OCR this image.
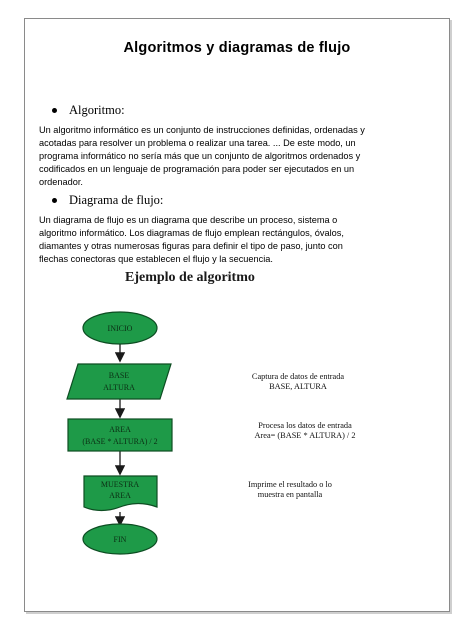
Algoritmos y diagramas de flujo
Algoritmo:
Un algoritmo informático es un conjunto de instrucciones definidas, ordenadas y
acotadas para resolver un problema o realizar una tarea. ... De este modo, un
programa informático no sería más que un conjunto de algoritmos ordenados y
codificados en un lenguaje de programación para poder ser ejecutados en un
ordenador.
Diagrama de flujo:
Un diagrama de flujo es un diagrama que describe un proceso, sistema o
algoritmo informático. Los diagramas de flujo emplean rectángulos, óvalos,
diamantes y otras numerosas figuras para definir el tipo de paso, junto con
flechas conectoras que establecen el flujo y la secuencia.
Ejemplo de algoritmo
INICIO
BASE
ALTURA
AREA
(BASE * ALTURA) / 2
MUESTRA
AREA
FIN
Captura de datos de entrada
BASE, ALTURA
Procesa los datos de entrada
Area= (BASE * ALTURA) / 2
Imprime el resultado o lo
muestra en pantalla
